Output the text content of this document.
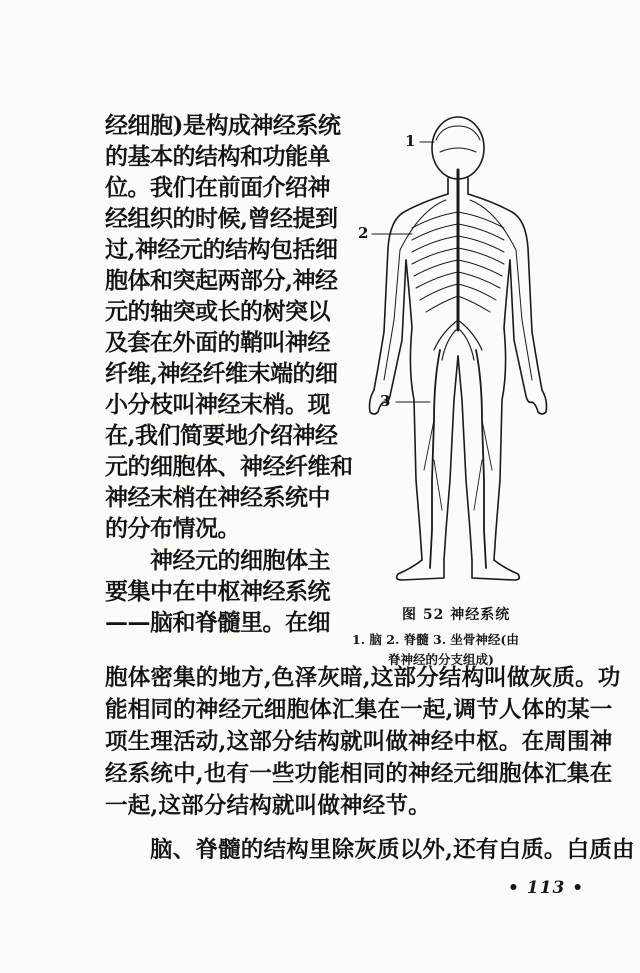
经细胞)是构成神经系统
的基本的结构和功能单
位。我们在前面介绍神
经组织的时候,曾经提到
过,神经元的结构包括细
胞体和突起两部分,神经
元的轴突或长的树突以
及套在外面的鞘叫神经
纤维,神经纤维末端的细
小分枝叫神经末梢。现
在,我们简要地介绍神经
元的细胞体、神经纤维和
神经末梢在神经系统中
的分布情况。
神经元的细胞体主
要集中在中枢神经系统
——脑和脊髓里。在细
胞体密集的地方,色泽灰暗,这部分结构叫做灰质。功
能相同的神经元细胞体汇集在一起,调节人体的某一
项生理活动,这部分结构就叫做神经中枢。在周围神
经系统中,也有一些功能相同的神经元细胞体汇集在
一起,这部分结构就叫做神经节。
脑、脊髓的结构里除灰质以外,还有白质。白质由
1
2
3
图 52 神经系统
1. 脑 2. 脊髓 3. 坐骨神经(由
脊神经的分支组成)
• 113 •
